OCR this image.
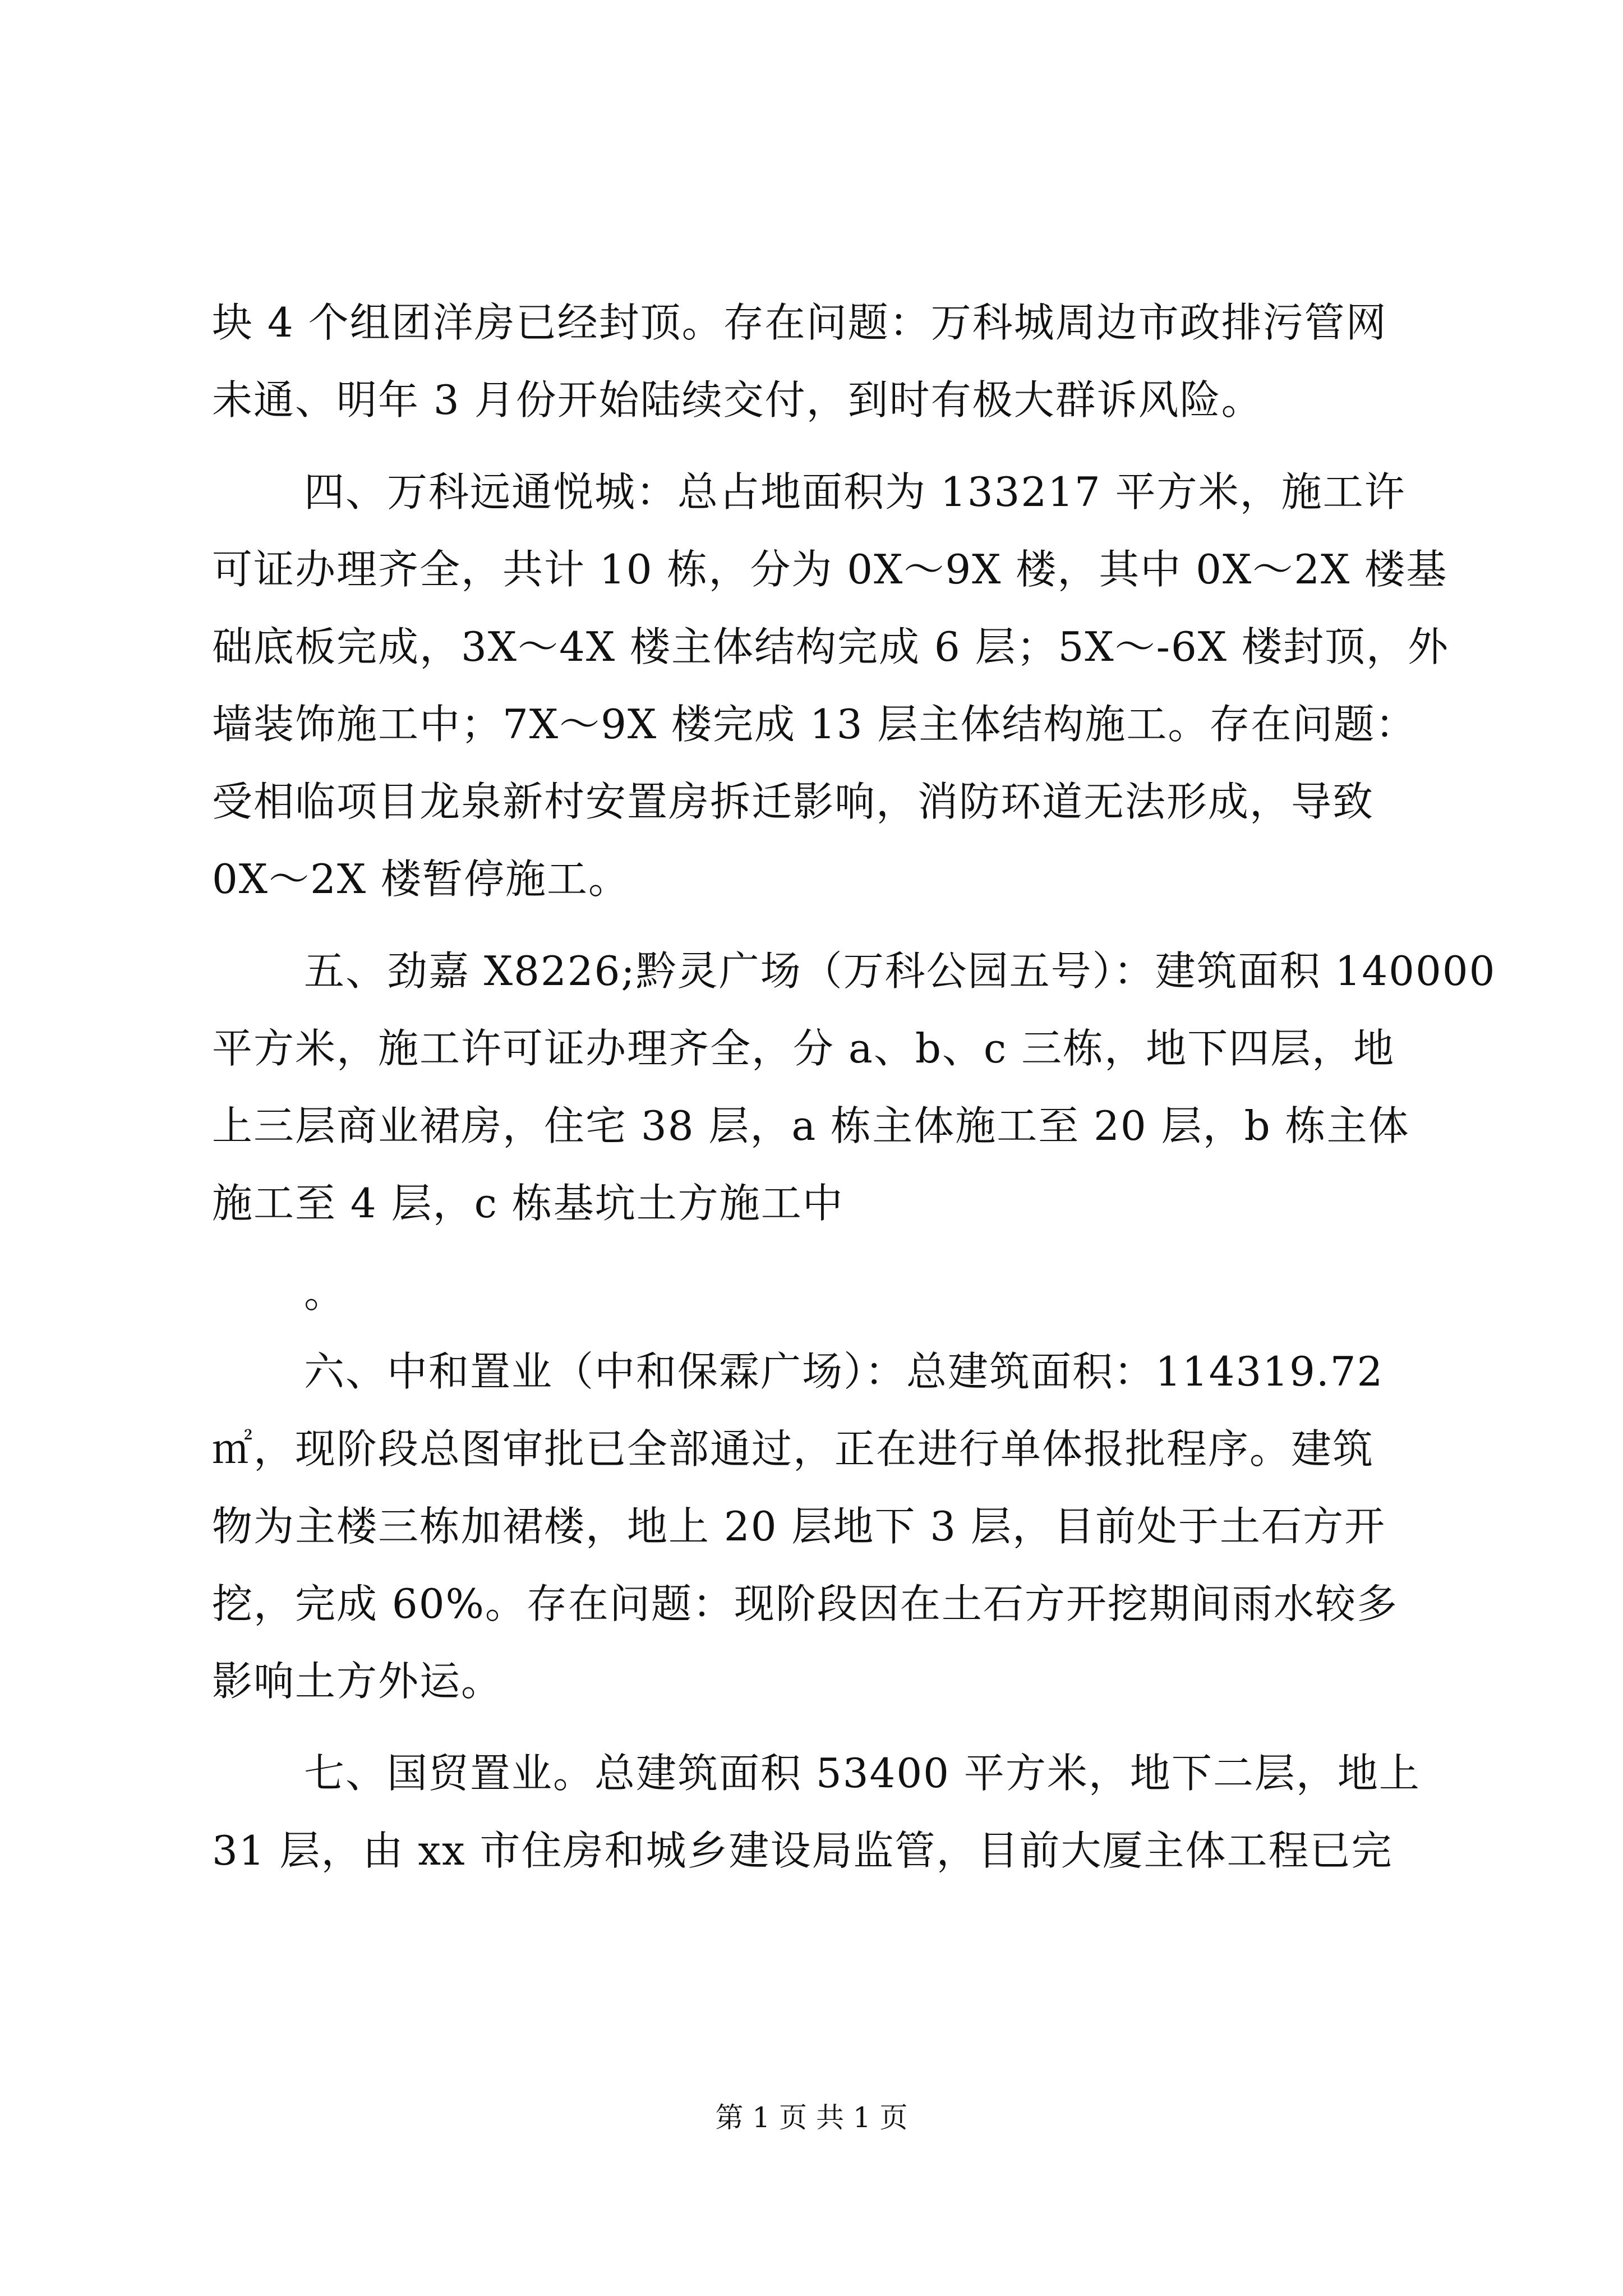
块 4 个组团洋房已经封顶。存在问题：万科城周边市政排污管网
未通、明年 3 月份开始陆续交付，到时有极大群诉风险。
四、万科远通悦城：总占地面积为 133217 平方米，施工许
可证办理齐全，共计 10 栋，分为 0X～9X 楼，其中 0X～2X 楼基
础底板完成，3X～4X 楼主体结构完成 6 层；5X～-6X 楼封顶，外
墙装饰施工中；7X～9X 楼完成 13 层主体结构施工。存在问题：
受相临项目龙泉新村安置房拆迁影响，消防环道无法形成，导致
0X～2X 楼暂停施工。
五、劲嘉 X8226;黔灵广场（万科公园五号）：建筑面积 140000
平方米，施工许可证办理齐全，分 a、b、c 三栋，地下四层，地
上三层商业裙房，住宅 38 层，a 栋主体施工至 20 层，b 栋主体
施工至 4 层，c 栋基坑土方施工中
。
六、中和置业（中和保霖广场）：总建筑面积：114319.72
㎡，现阶段总图审批已全部通过，正在进行单体报批程序。建筑
物为主楼三栋加裙楼，地上 20 层地下 3 层，目前处于土石方开
挖，完成 60%。存在问题：现阶段因在土石方开挖期间雨水较多
影响土方外运。
七、国贸置业。总建筑面积 53400 平方米，地下二层，地上
31 层，由 xx 市住房和城乡建设局监管，目前大厦主体工程已完
第 1 页 共 1 页
